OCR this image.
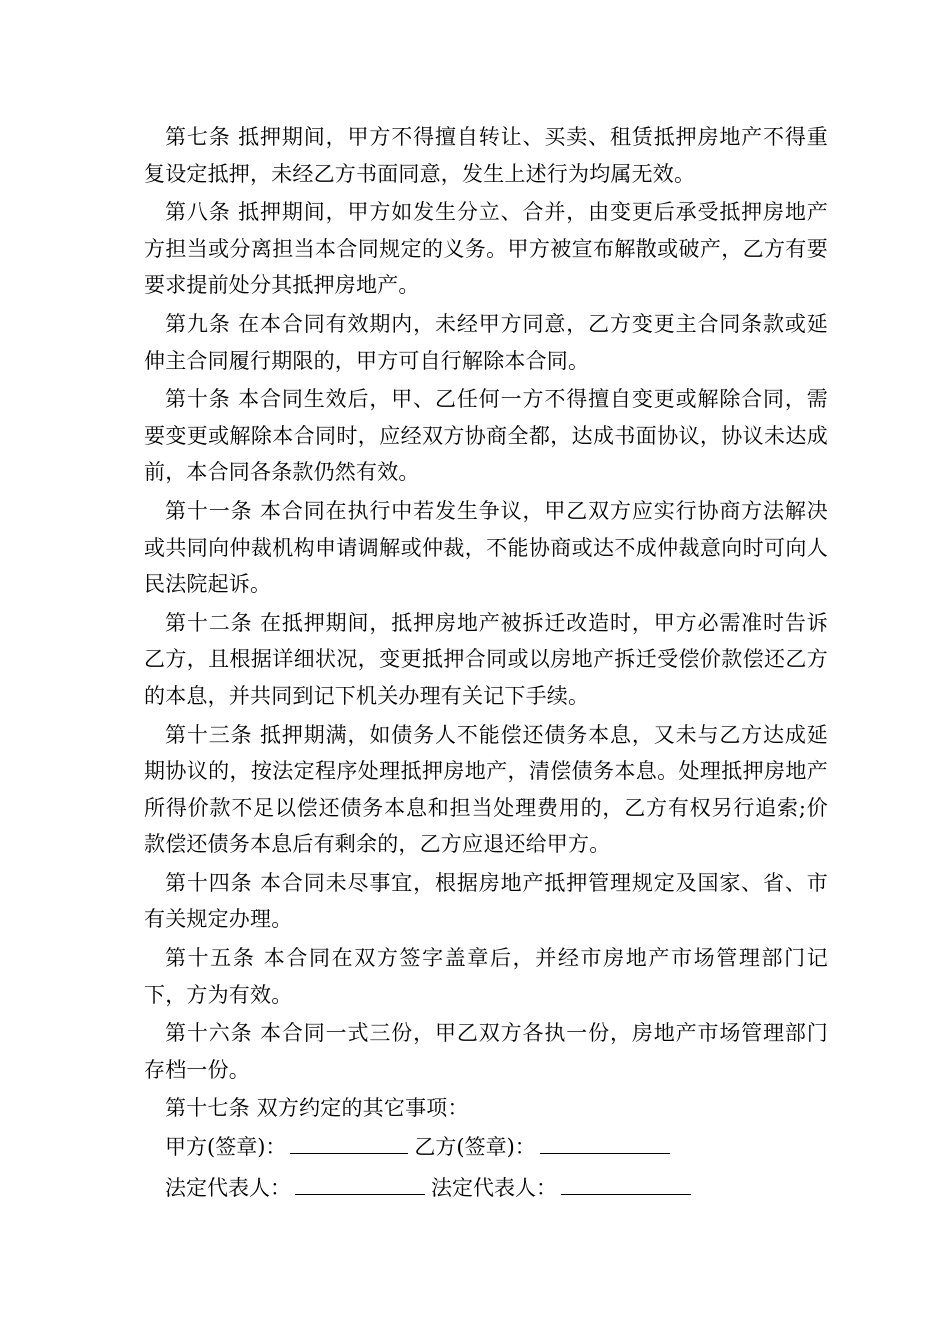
第七条 抵押期间，甲方不得擅自转让、买卖、租赁抵押房地产不得重复设定抵押，未经乙方书面同意，发生上述行为均属无效。

第八条 抵押期间，甲方如发生分立、合并，由变更后承受抵押房地产方担当或分离担当本合同规定的义务。甲方被宣布解散或破产，乙方有要要求提前处分其抵押房地产。

第九条 在本合同有效期内，未经甲方同意，乙方变更主合同条款或延伸主合同履行期限的，甲方可自行解除本合同。

第十条 本合同生效后，甲、乙任何一方不得擅自变更或解除合同，需要变更或解除本合同时，应经双方协商全都，达成书面协议，协议未达成前，本合同各条款仍然有效。

第十一条 本合同在执行中若发生争议，甲乙双方应实行协商方法解决或共同向仲裁机构申请调解或仲裁，不能协商或达不成仲裁意向时可向人民法院起诉。

第十二条 在抵押期间，抵押房地产被拆迁改造时，甲方必需准时告诉乙方，且根据详细状况，变更抵押合同或以房地产拆迁受偿价款偿还乙方的本息，并共同到记下机关办理有关记下手续。

第十三条 抵押期满，如债务人不能偿还债务本息，又未与乙方达成延期协议的，按法定程序处理抵押房地产，清偿债务本息。处理抵押房地产所得价款不足以偿还债务本息和担当处理费用的，乙方有权另行追索;价款偿还债务本息后有剩余的，乙方应退还给甲方。

第十四条 本合同未尽事宜，根据房地产抵押管理规定及国家、省、市有关规定办理。

第十五条 本合同在双方签字盖章后，并经市房地产市场管理部门记下，方为有效。

第十六条 本合同一式三份，甲乙双方各执一份，房地产市场管理部门存档一份。

第十七条 双方约定的其它事项：

甲方(签章)：	乙方(签章)：
法定代表人：	法定代表人：
